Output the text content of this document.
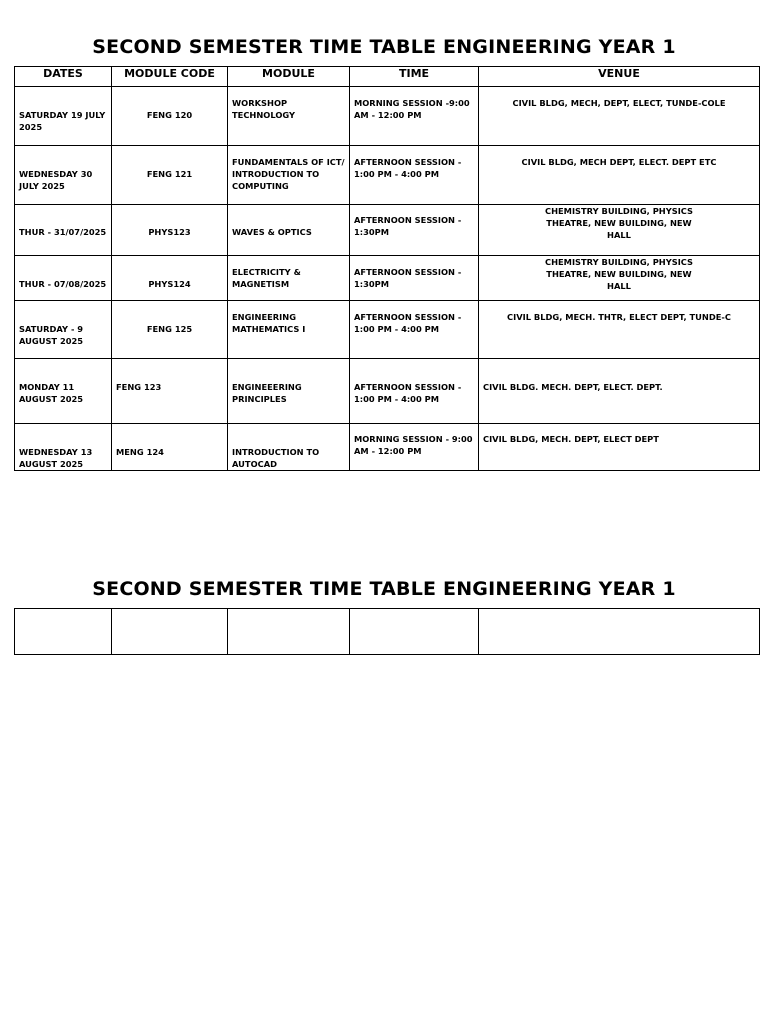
SECOND SEMESTER TIME TABLE ENGINEERING YEAR 1
DATES	MODULE CODE	MODULE	TIME	VENUE

SATURDAY 19 JULY 2025	FENG 120	WORKSHOP TECHNOLOGY	MORNING SESSION -9:00 AM - 12:00 PM	CIVIL BLDG, MECH, DEPT, ELECT, TUNDE-COLE

WEDNESDAY 30 JULY 2025	FENG 121	FUNDAMENTALS OF ICT/ INTRODUCTION TO COMPUTING	AFTERNOON SESSION - 1:00 PM - 4:00 PM	CIVIL BLDG, MECH DEPT, ELECT. DEPT ETC

THUR - 31/07/2025	PHYS123	WAVES & OPTICS	AFTERNOON SESSION - 1:30PM	CHEMISTRY BUILDING, PHYSICS THEATRE, NEW BUILDING, NEW HALL

THUR - 07/08/2025	PHYS124	ELECTRICITY & MAGNETISM	AFTERNOON SESSION - 1:30PM	CHEMISTRY BUILDING, PHYSICS THEATRE, NEW BUILDING, NEW HALL

SATURDAY - 9 AUGUST 2025	FENG 125	ENGINEERING MATHEMATICS I	AFTERNOON SESSION - 1:00 PM - 4:00 PM	CIVIL BLDG, MECH. THTR, ELECT DEPT, TUNDE-C

MONDAY 11 AUGUST 2025	FENG 123	ENGINEEERING PRINCIPLES	AFTERNOON SESSION - 1:00 PM - 4:00 PM	CIVIL BLDG. MECH. DEPT, ELECT. DEPT.

WEDNESDAY 13 AUGUST 2025	MENG 124	INTRODUCTION TO AUTOCAD	MORNING SESSION - 9:00 AM - 12:00 PM	CIVIL BLDG, MECH. DEPT, ELECT DEPT
SECOND SEMESTER TIME TABLE ENGINEERING YEAR 1
